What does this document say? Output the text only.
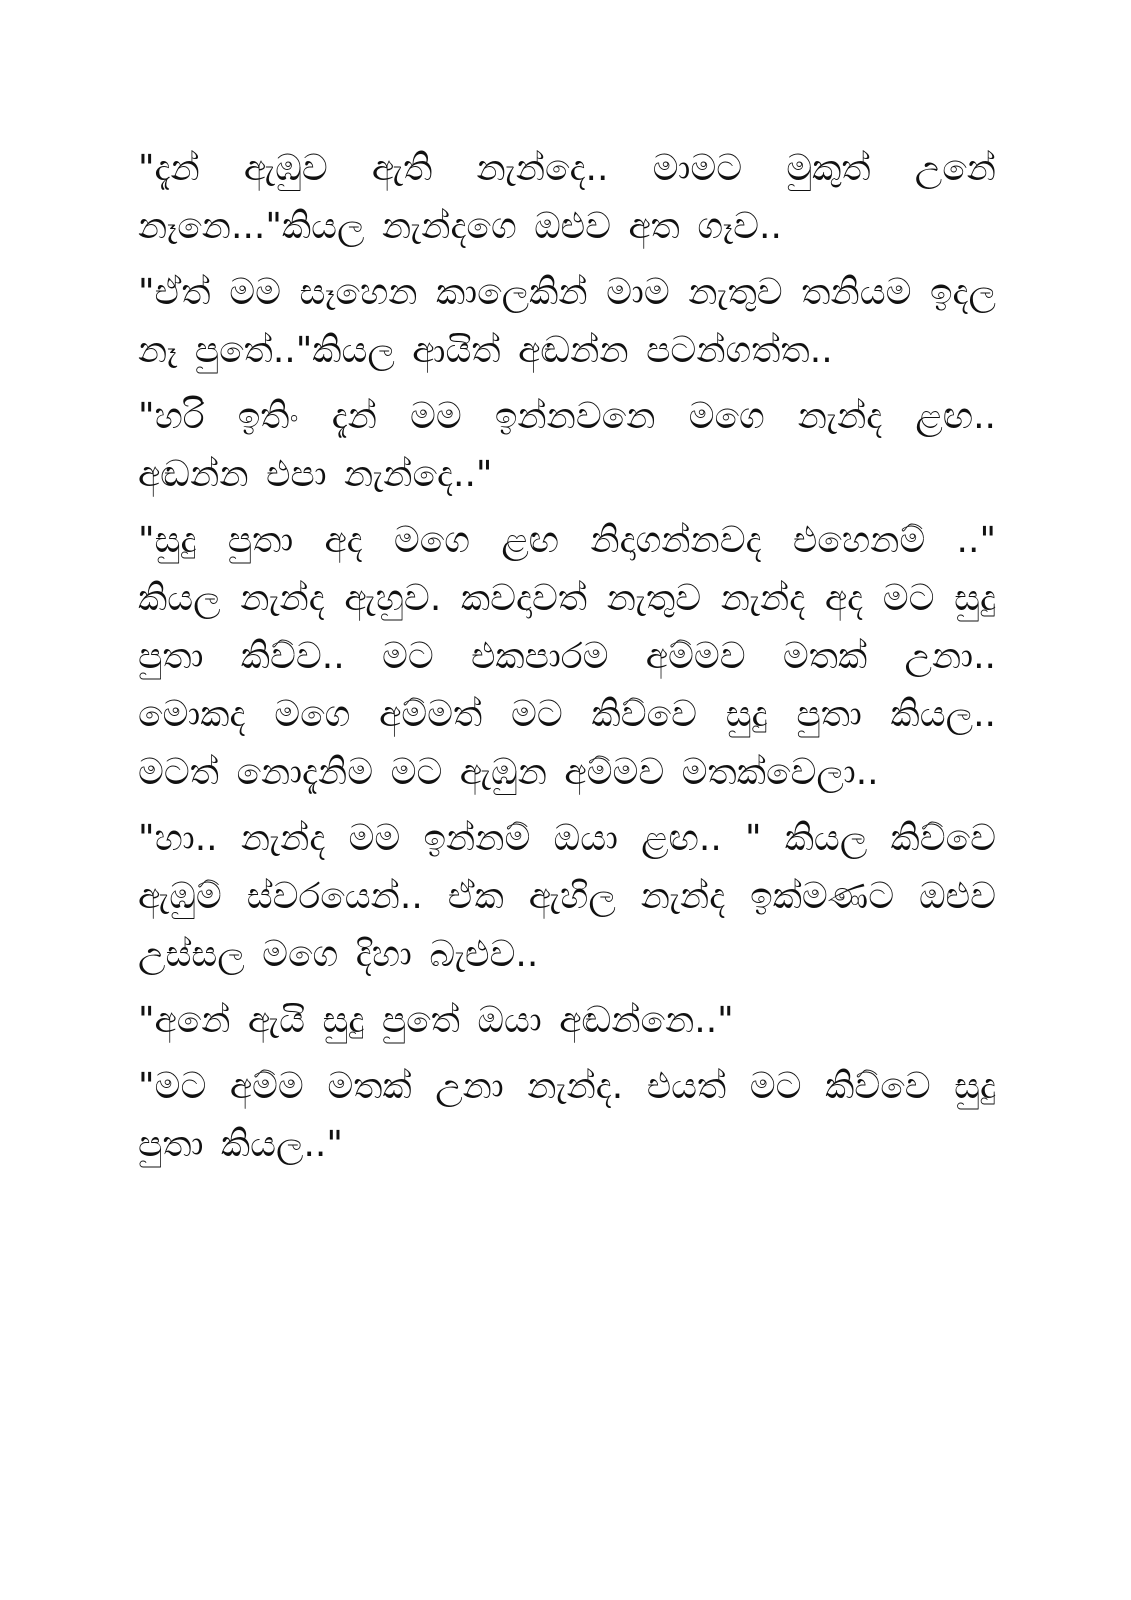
"දැන් ඇඹුව ඇති නැන්දෙ.. මාමට මුකුත් උනේ නෑනෙ..."කියල නැන්දගෙ ඔළුව අත ගෑව..

"ඒත් මම සෑහෙන කාලෙකින් මාම නැතුව තනියම ඉදල නෑ පුතේ.."කියල ආයිත් අඬන්න පටන්ගත්ත..

"හරි ඉතිං දැන් මම ඉන්නවනෙ මගෙ නැන්ද ළඟ.. අඬන්න එපා නැන්දෙ.."

"සුදු පුතා අද මගෙ ළඟ නිදාගන්නවද එහෙනම් .." කියල නැන්ද ඇහුව. කවදාවත් නැතුව නැන්ද අද මට සුදු පුතා කිව්ව.. මට එකපාරම අම්මව මතක් උනා.. මොකද මගෙ අම්මත් මට කිව්වෙ සුදු පුතා කියල.. මටත් නොදැනිම මට ඇඹුන අම්මව මතක්වෙලා..

"හා.. නැන්ද මම ඉන්නම් ඔයා ළඟ.. " කියල කිව්වෙ ඇඹුම් ස්වරයෙන්.. ඒක ඇහිල නැන්ද ඉක්මණට ඔළුව උස්සල මගෙ දිහා බැළුව..

"අනේ ඇයි සුදු පුතේ ඔයා අඬන්නෙ.."

"මට අම්ම මතක් උනා නැන්ද. එයත් මට කිව්වෙ සුදු පුතා කියල.."
